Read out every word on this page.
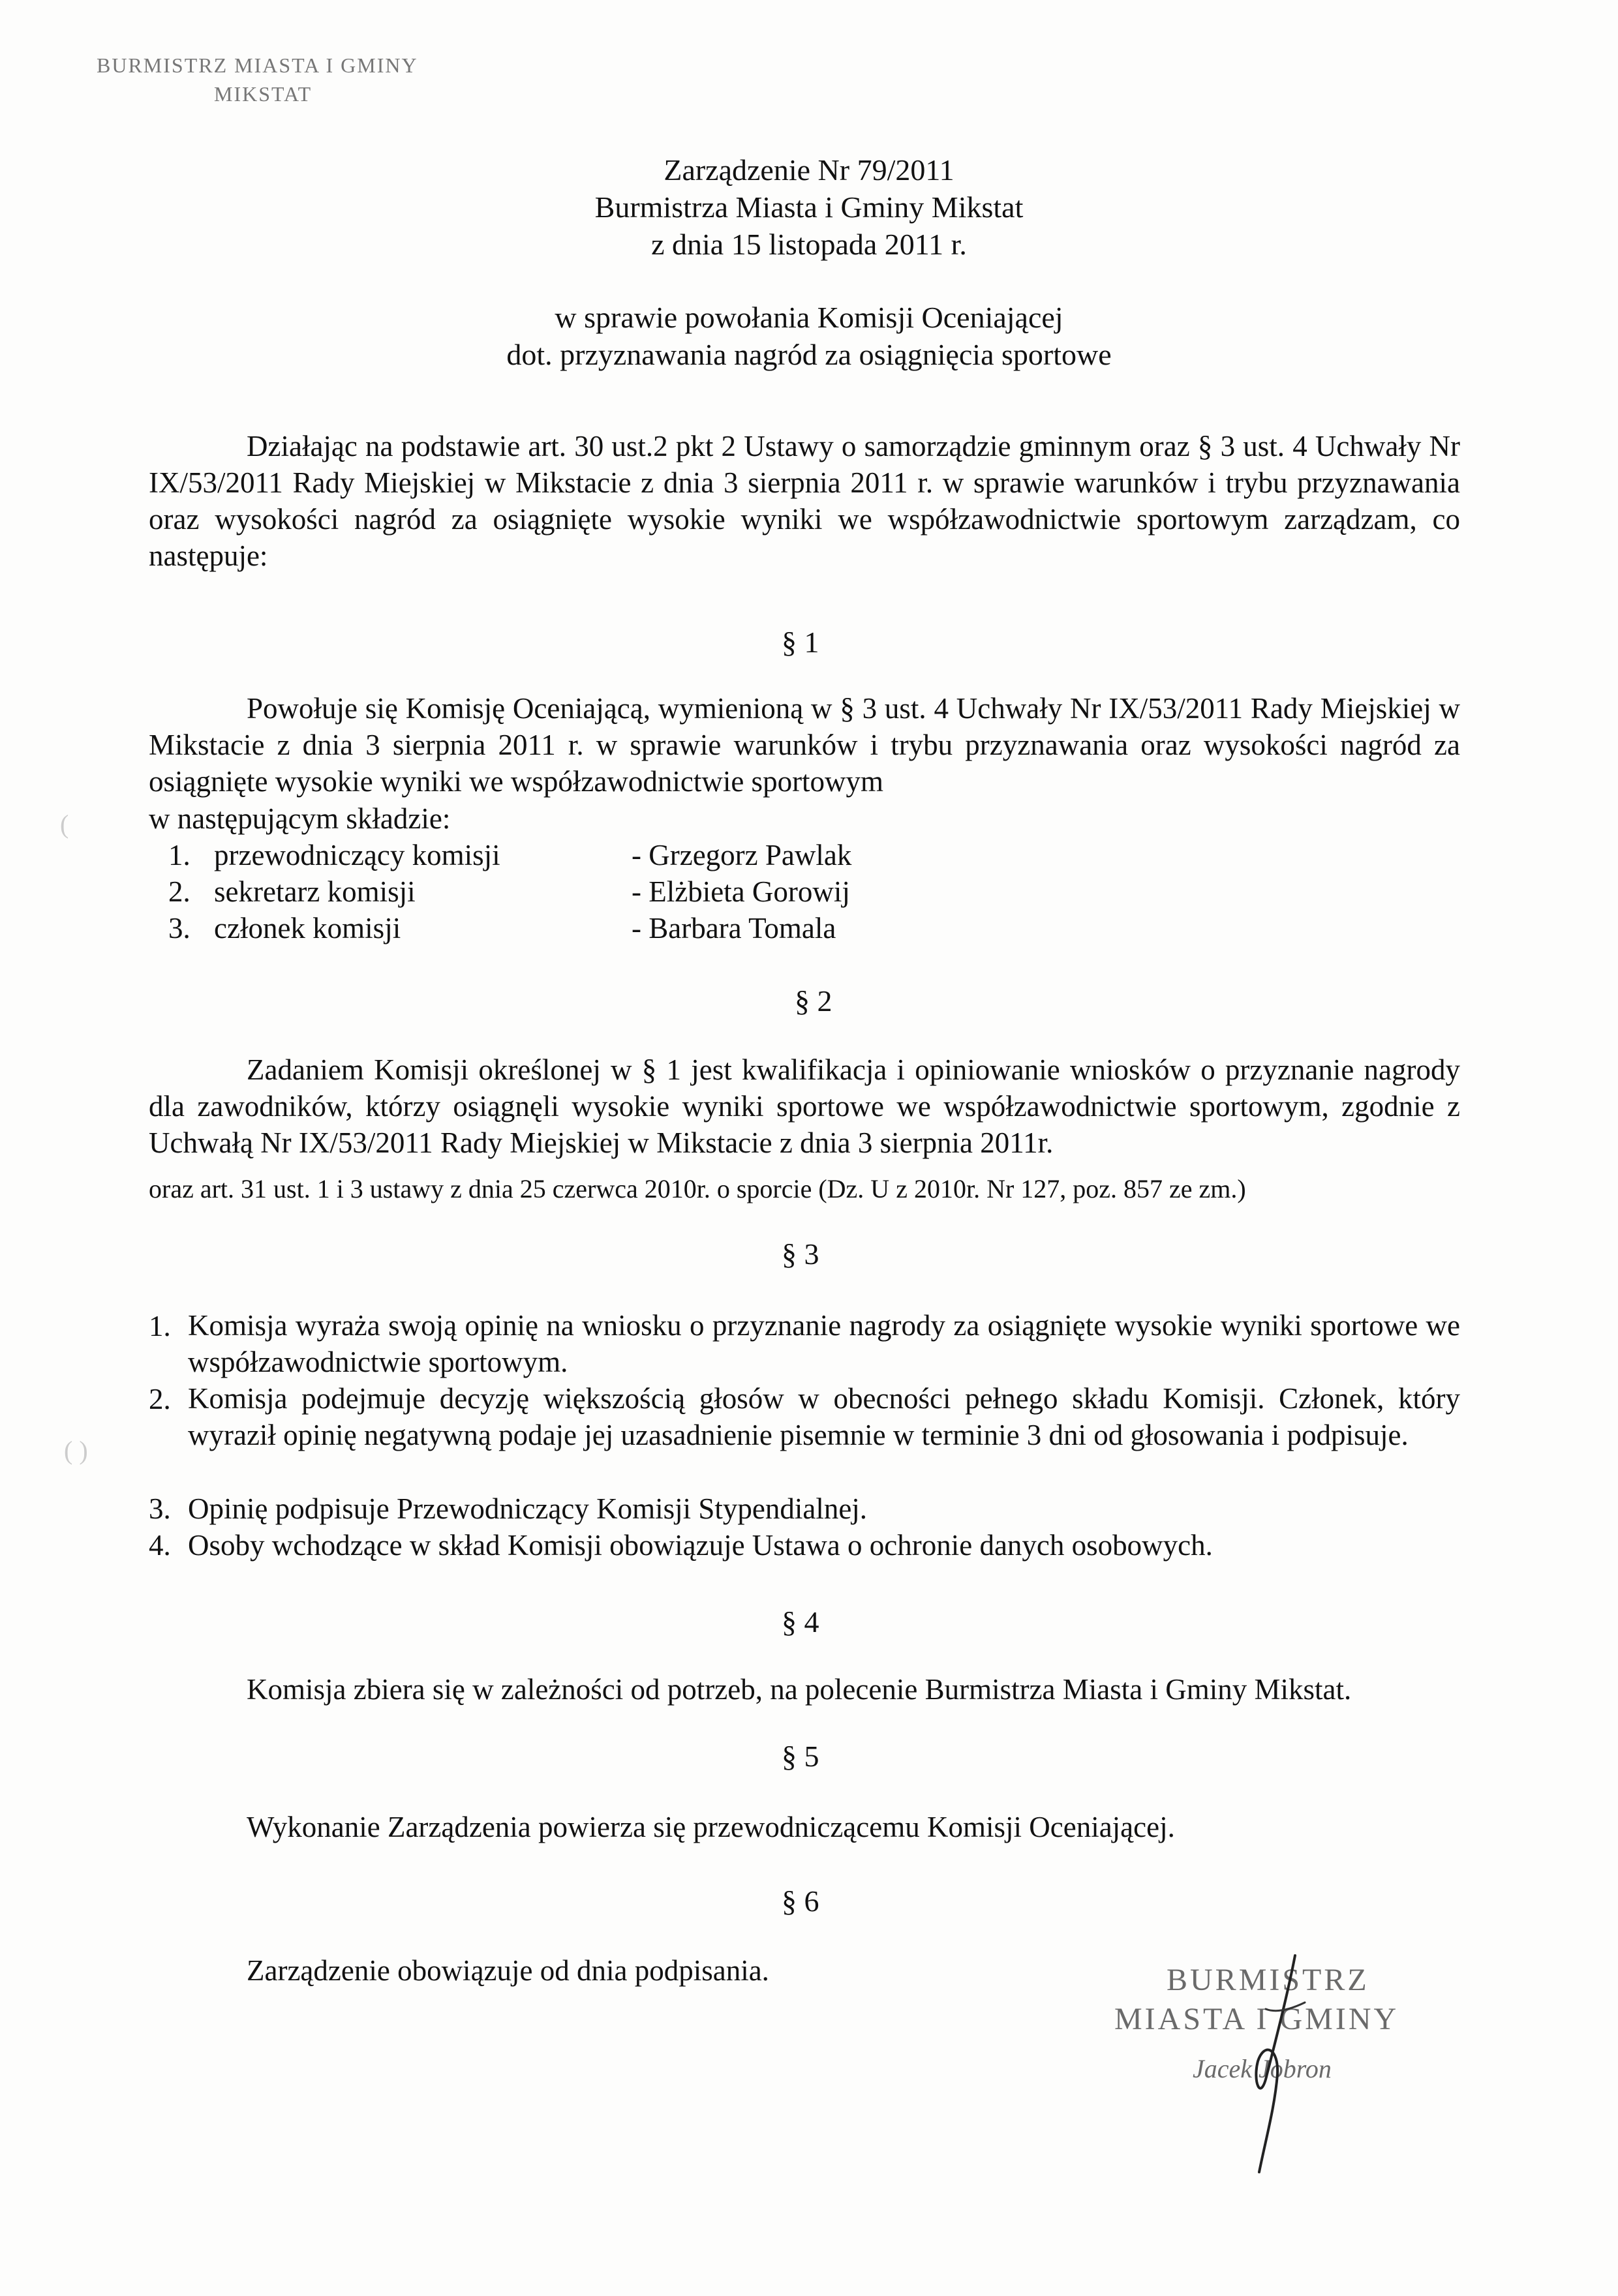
BURMISTRZ MIASTA I GMINY
MIKSTAT
Zarządzenie Nr 79/2011
Burmistrza Miasta i Gminy Mikstat
z dnia 15 listopada 2011 r.
w sprawie powołania Komisji Oceniającej
dot. przyznawania nagród za osiągnięcia sportowe
Działając na podstawie art. 30 ust.2 pkt 2 Ustawy o samorządzie gminnym oraz § 3 ust. 4 Uchwały Nr IX/53/2011 Rady Miejskiej w Mikstacie z dnia 3 sierpnia 2011 r. w sprawie warunków i trybu przyznawania oraz wysokości nagród za osiągnięte wysokie wyniki we współzawodnictwie sportowym zarządzam, co następuje:
§ 1
Powołuje się Komisję Oceniającą, wymienioną w § 3 ust. 4 Uchwały Nr IX/53/2011 Rady Miejskiej w Mikstacie z dnia 3 sierpnia 2011 r. w sprawie warunków i trybu przyznawania oraz wysokości nagród za osiągnięte wysokie wyniki we współzawodnictwie sportowym
w następującym składzie:
1. przewodniczący komisji	- Grzegorz Pawlak
2. sekretarz komisji	- Elżbieta Gorowij
3. członek komisji	- Barbara Tomala
§ 2
Zadaniem Komisji określonej w § 1 jest kwalifikacja i opiniowanie wniosków o przyznanie nagrody dla zawodników, którzy osiągnęli wysokie wyniki sportowe we współzawodnictwie sportowym, zgodnie z Uchwałą Nr IX/53/2011 Rady Miejskiej w Mikstacie z dnia 3 sierpnia 2011r.
oraz art. 31 ust. 1 i 3 ustawy z dnia 25 czerwca 2010r. o sporcie (Dz. U z 2010r. Nr 127, poz. 857 ze zm.)
§ 3
1. Komisja wyraża swoją opinię na wniosku o przyznanie nagrody za osiągnięte wysokie wyniki sportowe we współzawodnictwie sportowym.
2. Komisja podejmuje decyzję większością głosów w obecności pełnego składu Komisji. Członek, który wyraził opinię negatywną podaje jej uzasadnienie pisemnie w terminie 3 dni od głosowania i podpisuje.
3. Opinię podpisuje Przewodniczący Komisji Stypendialnej.
4. Osoby wchodzące w skład Komisji obowiązuje Ustawa o ochronie danych osobowych.
§ 4
Komisja zbiera się w zależności od potrzeb, na polecenie Burmistrza Miasta i Gminy Mikstat.
§ 5
Wykonanie Zarządzenia powierza się przewodniczącemu Komisji Oceniającej.
§ 6
Zarządzenie obowiązuje od dnia podpisania.	BURMISTRZ
MIASTA I GMINY
Jacek Jobron
(
( )
